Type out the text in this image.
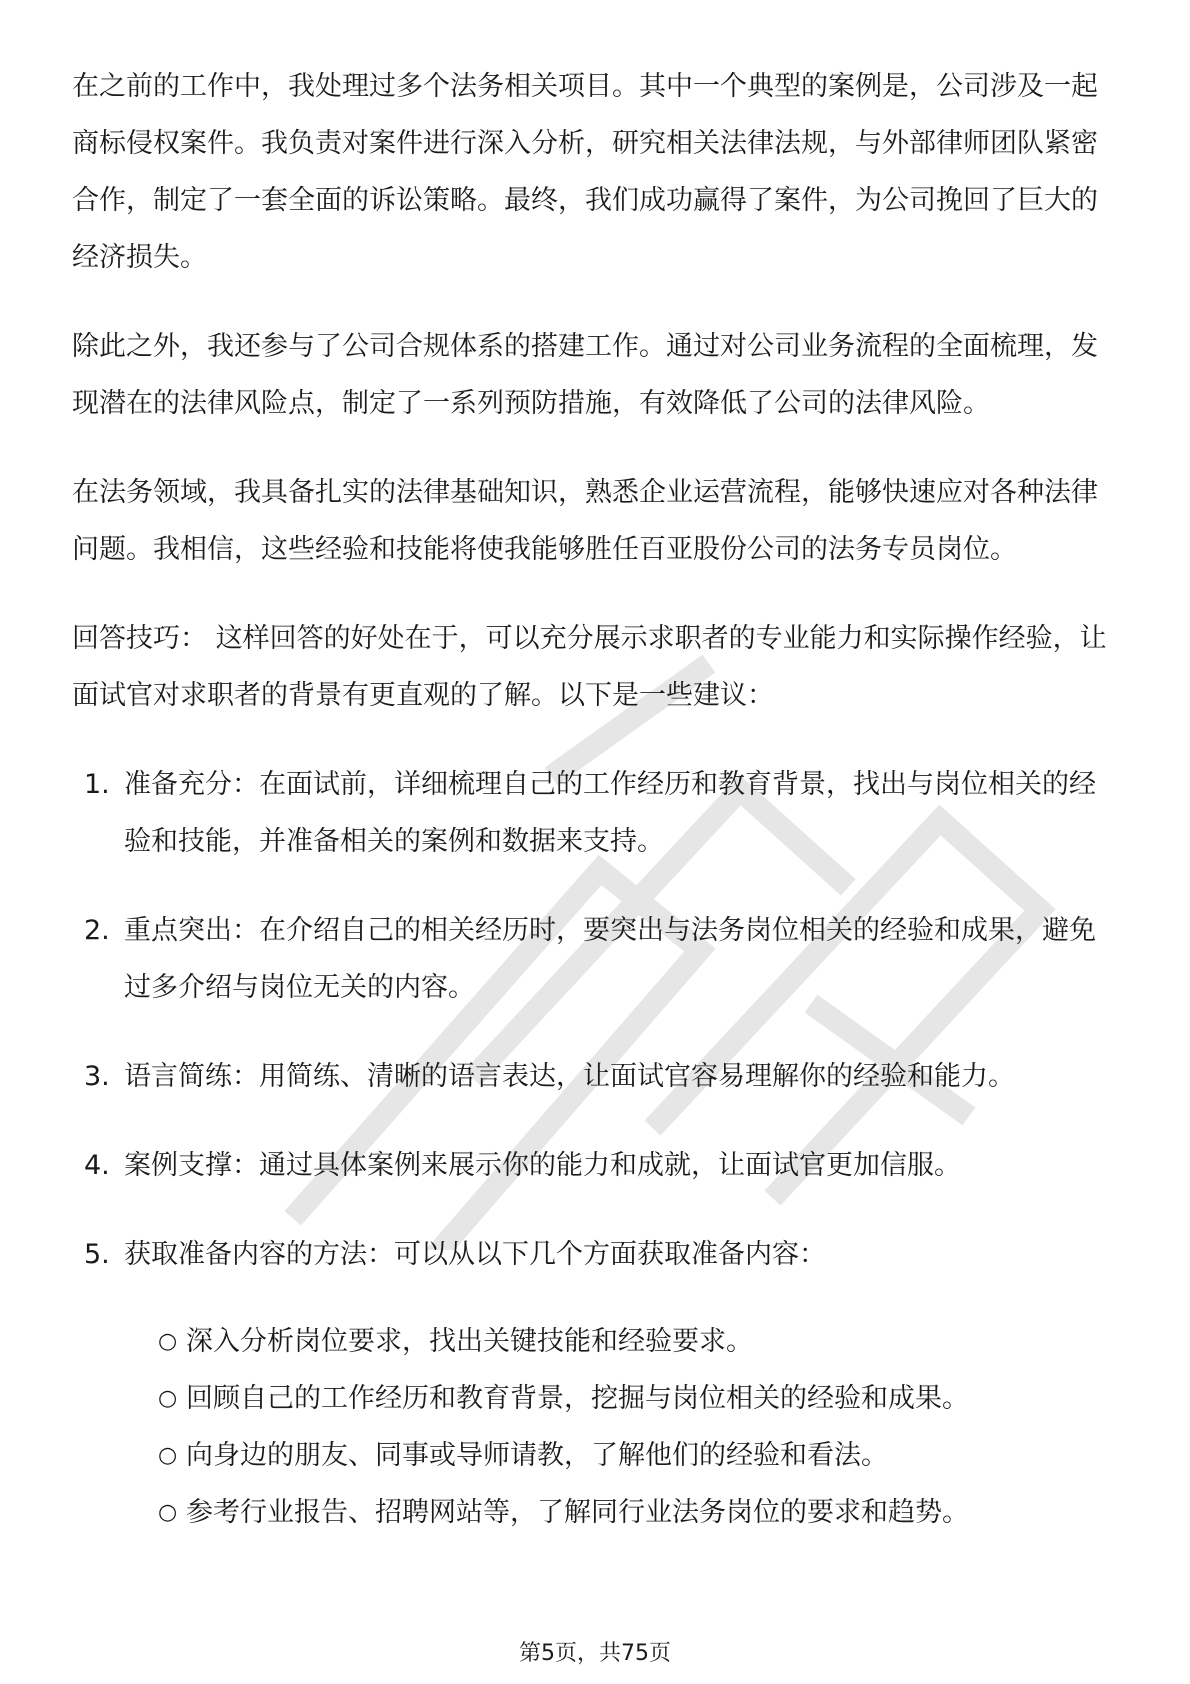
在之前的工作中，我处理过多个法务相关项目。其中一个典型的案例是，公司涉及一起商标侵权案件。我负责对案件进行深入分析，研究相关法律法规，与外部律师团队紧密合作，制定了一套全面的诉讼策略。最终，我们成功赢得了案件，为公司挽回了巨大的经济损失。

除此之外，我还参与了公司合规体系的搭建工作。通过对公司业务流程的全面梳理，发现潜在的法律风险点，制定了一系列预防措施，有效降低了公司的法律风险。

在法务领域，我具备扎实的法律基础知识，熟悉企业运营流程，能够快速应对各种法律问题。我相信，这些经验和技能将使我能够胜任百亚股份公司的法务专员岗位。

回答技巧： 这样回答的好处在于，可以充分展示求职者的专业能力和实际操作经验，让面试官对求职者的背景有更直观的了解。以下是一些建议：

1. 准备充分：在面试前，详细梳理自己的工作经历和教育背景，找出与岗位相关的经验和技能，并准备相关的案例和数据来支持。
2. 重点突出：在介绍自己的相关经历时，要突出与法务岗位相关的经验和成果，避免过多介绍与岗位无关的内容。
3. 语言简练：用简练、清晰的语言表达，让面试官容易理解你的经验和能力。
4. 案例支撑：通过具体案例来展示你的能力和成就，让面试官更加信服。
5. 获取准备内容的方法：可以从以下几个方面获取准备内容：
○ 深入分析岗位要求，找出关键技能和经验要求。
○ 回顾自己的工作经历和教育背景，挖掘与岗位相关的经验和成果。
○ 向身边的朋友、同事或导师请教，了解他们的经验和看法。
○ 参考行业报告、招聘网站等，了解同行业法务岗位的要求和趋势。
第5页，共75页
